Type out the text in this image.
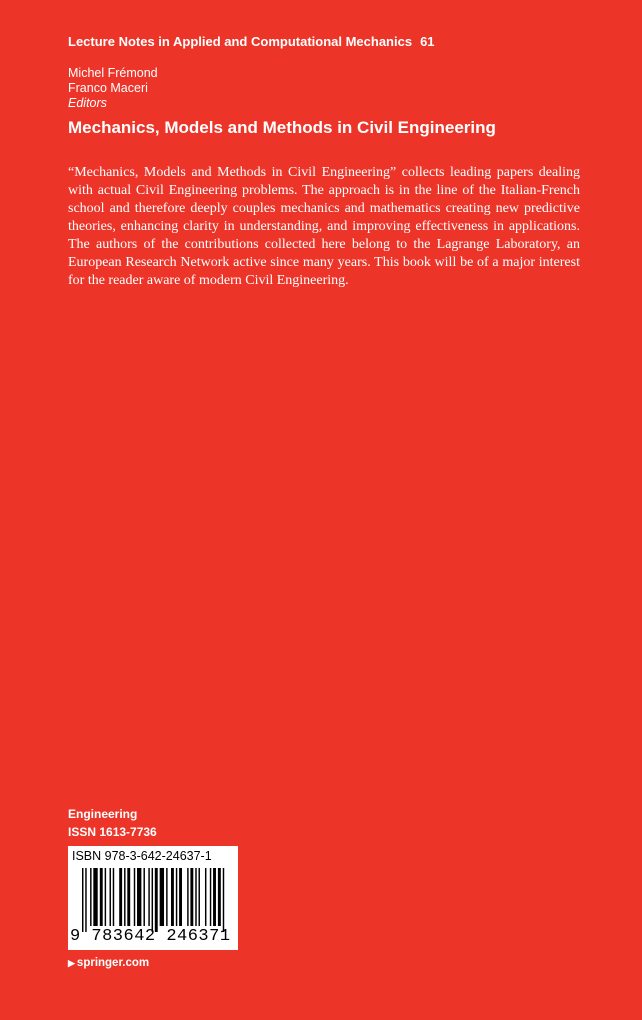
Lecture Notes in Applied and Computational Mechanics 61
Michel Frémond
Franco Maceri
Editors
Mechanics, Models and Methods in Civil Engineering

“Mechanics, Models and Methods in Civil Engineering” collects leading papers dealing with actual Civil Engineering problems. The approach is in the line of the Italian-French school and therefore deeply couples mechanics and mathematics creating new predictive theories, enhancing clarity in understanding, and improving effectiveness in applications. The authors of the contributions collected here belong to the Lagrange Laboratory, an European Research Network active since many years. This book will be of a major interest for the reader aware of modern Civil Engineering.

Engineering
ISSN 1613-7736
ISBN 978-3-642-24637-1
9 783642 246371
▶ springer.com
